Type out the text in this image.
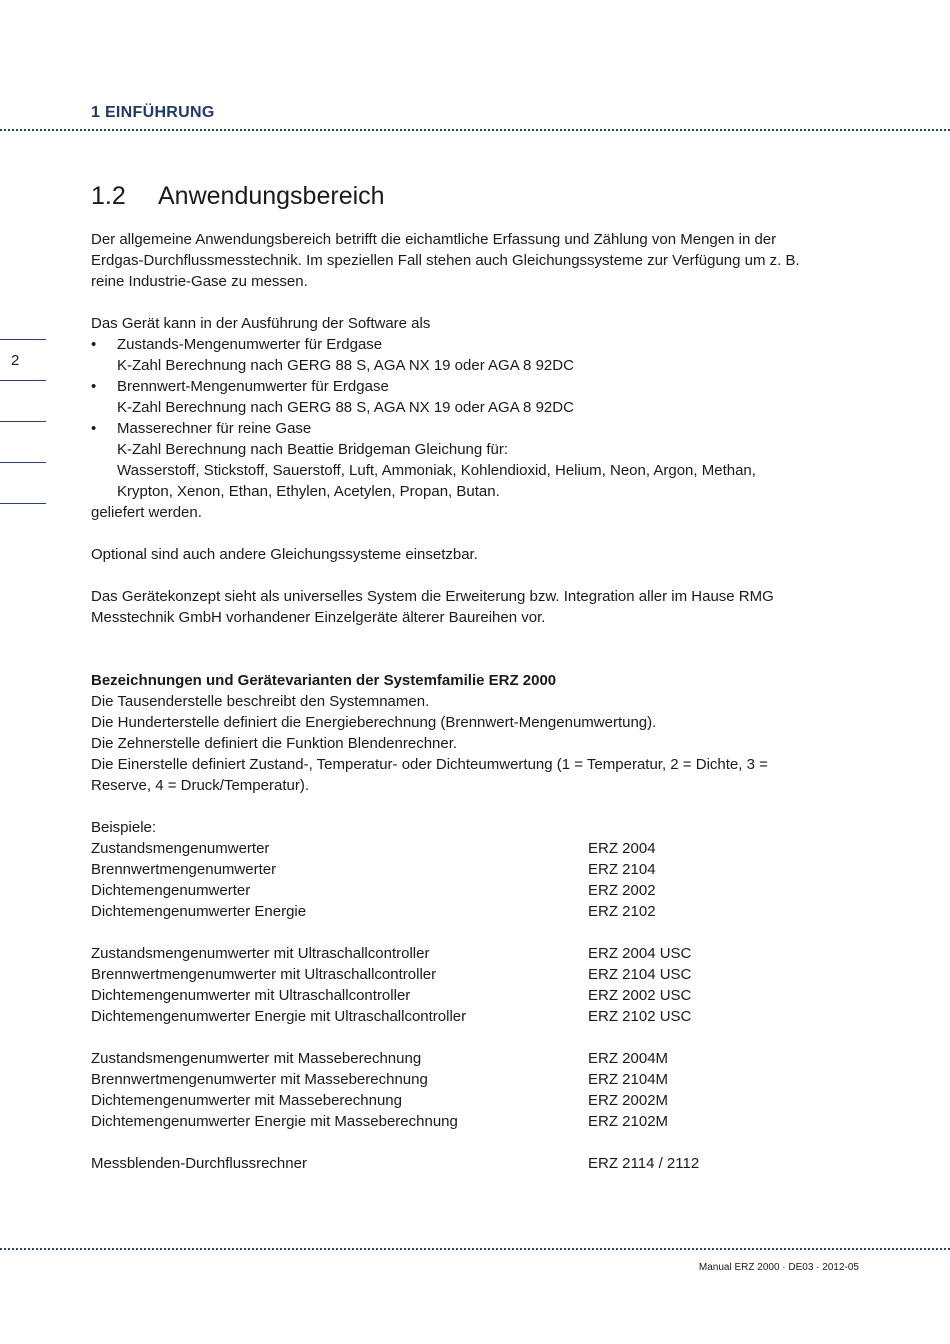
1 EINFÜHRUNG
1.2 Anwendungsbereich
2

Der allgemeine Anwendungsbereich betrifft die eichamtliche Erfassung und Zählung von Mengen in der

Erdgas-Durchflussmesstechnik. Im speziellen Fall stehen auch Gleichungssysteme zur Verfügung um z. B.

reine Industrie-Gase zu messen.

Das Gerät kann in der Ausführung der Software als

• Zustands-Mengenumwerter für Erdgase
K-Zahl Berechnung nach GERG 88 S, AGA NX 19 oder AGA 8 92DC
• Brennwert-Mengenumwerter für Erdgase
K-Zahl Berechnung nach GERG 88 S, AGA NX 19 oder AGA 8 92DC
• Masserechner für reine Gase
K-Zahl Berechnung nach Beattie Bridgeman Gleichung für:
Wasserstoff, Stickstoff, Sauerstoff, Luft, Ammoniak, Kohlendioxid, Helium, Neon, Argon, Methan,
Krypton, Xenon, Ethan, Ethylen, Acetylen, Propan, Butan.

geliefert werden.

Optional sind auch andere Gleichungssysteme einsetzbar.

Das Gerätekonzept sieht als universelles System die Erweiterung bzw. Integration aller im Hause RMG

Messtechnik GmbH vorhandener Einzelgeräte älterer Baureihen vor.

Bezeichnungen und Gerätevarianten der Systemfamilie ERZ 2000

Die Tausenderstelle beschreibt den Systemnamen.

Die Hunderterstelle definiert die Energieberechnung (Brennwert-Mengenumwertung).

Die Zehnerstelle definiert die Funktion Blendenrechner.

Die Einerstelle definiert Zustand-, Temperatur- oder Dichteumwertung (1 = Temperatur, 2 = Dichte, 3 =

Reserve, 4 = Druck/Temperatur).

Beispiele:

Zustandsmengenumwerter	ERZ 2004
Brennwertmengenumwerter	ERZ 2104
Dichtemengenumwerter	ERZ 2002
Dichtemengenumwerter Energie	ERZ 2102
Zustandsmengenumwerter mit Ultraschallcontroller	ERZ 2004 USC
Brennwertmengenumwerter mit Ultraschallcontroller	ERZ 2104 USC
Dichtemengenumwerter mit Ultraschallcontroller	ERZ 2002 USC
Dichtemengenumwerter Energie mit Ultraschallcontroller	ERZ 2102 USC
Zustandsmengenumwerter mit Masseberechnung	ERZ 2004M
Brennwertmengenumwerter mit Masseberechnung	ERZ 2104M
Dichtemengenumwerter mit Masseberechnung	ERZ 2002M
Dichtemengenumwerter Energie mit Masseberechnung	ERZ 2102M
Messblenden-Durchflussrechner	ERZ 2114 / 2112
Manual ERZ 2000 · DE03 · 2012-05
